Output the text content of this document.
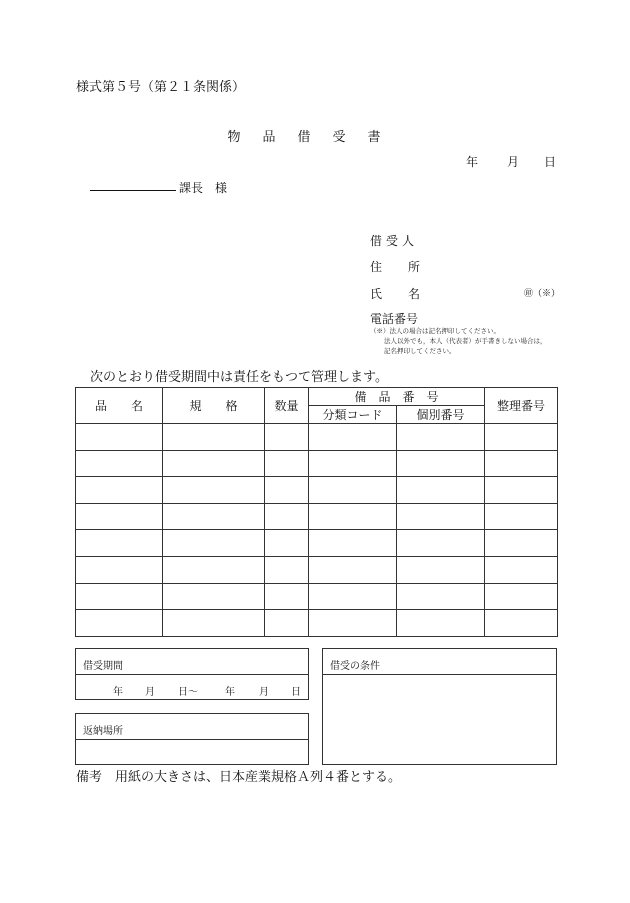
様式第５号（第２１条関係）
物品借受書
年 月 日
課長　様
借受人
住 所
氏 名	㊞（※）
電話番号
（※）法人の場合は記名押印してください。
法人以外でも，本人（代表者）が手書きしない場合は，
記名押印してください。
次のとおり借受期間中は責任をもつて管理します。
品　　名	規　　格	数量	備　品　番　号		整理番号
			分類コード	個別番号	

借受期間
年 月 日～	年 月 日
返納場所
借受の条件
備考　用紙の大きさは、日本産業規格Ａ列４番とする。
